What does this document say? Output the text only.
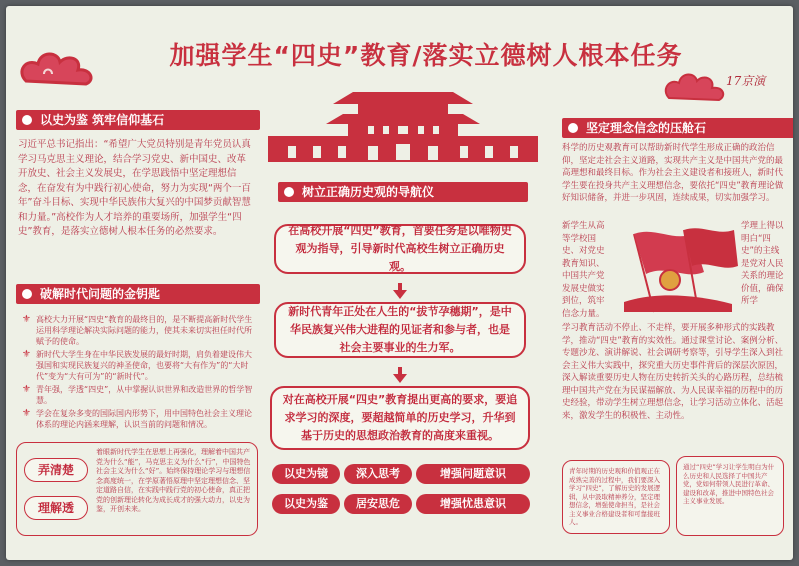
加强学生“四史”教育/落实立德树人根本任务
17京演
以史为鉴 筑牢信仰基石
习近平总书记指出：“希望广大党员特别是青年党员认真学习马克思主义理论，结合学习党史、新中国史、改革开放史、社会主义发展史，在学思践悟中坚定理想信念，在奋发有为中践行初心使命，努力为实现“两个一百年”奋斗目标、实现中华民族伟大复兴的中国梦贡献智慧和力量。”高校作为人才培养的重要场所，加强学生“四史”教育，是落实立德树人根本任务的必然要求。
破解时代问题的金钥匙
⚜ 高校大力开展“四史”教育的最终目的，是不断提高新时代学生运用科学理论解决实际问题的能力，使其未来切实担任时代所赋予的使命。
⚜ 新时代大学生身在中华民族发展的最好时期，肩负着建设伟大强国和实现民族复兴的神圣使命，也要将“大有作为”的“大时代”变为“大有可为”的“新时代”。
⚜ 青年强，学透“四史”，从中掌握认识世界和改造世界的哲学智慧。
⚜ 学会在复杂多变的国际国内形势下，用中国特色社会主义理论体系的理论内涵来理解，认识当前的问题和情况。
弄清楚
理解透
着眼新时代学生在思想上再强化，理解着中国共产党为什么“能”，马克思主义为什么“行”，中国特色社会主义为什么“好”。始终保持理论学习与理想信念高度统一，在学原著悟原理中坚定理想信念、坚定道路自信，在实践中践行党的初心使命，真正把党的创新理论转化为成长成才的强大动力，以史为鉴，开创未来。
树立正确历史观的导航仪
在高校开展“四史”教育，首要任务是以唯物史观为指导，引导新时代高校生树立正确历史观。
新时代青年正处在人生的“拔节孕穗期”，是中华民族复兴伟大进程的见证者和参与者，也是社会主要事业的生力军。
对在高校开展“四史”教育提出更高的要求，要追求学习的深度，要超越简单的历史学习，升华到基于历史的思想政治教育的高度来重视。
以史为镜	深入思考	增强问题意识
以史为鉴	居安思危	增强忧患意识
坚定理念信念的压舱石
科学的历史观教育可以帮助新时代学生形成正确的政治信仰，坚定走社会主义道路，实现共产主义是中国共产党的最高理想和最终目标。作为社会主义建设者和接班人，新时代学生要在投身共产主义理想信念，要依托“四史”教育理论做好知识储备，并进一步巩固，连续成果，切实加强学习。
新学生从高等学校国史、对党史教育知识、中国共产党发展史做实到位，筑牢信念力量。
学理上得以明白“四史”的主线是党对人民关系的理论价值，确保所学
学习教育活动不停止、不走样，要开展多种形式的实践教学，推动“四史”教育的实效性。通过课堂讨论、案例分析、专题沙龙、演讲解说、社会调研考察等，引导学生深入到社会主义伟大实践中，探究重大历史事件背后的深层次原因，深入解读重要历史人物在历史转折关头的心路历程，总结梳理中国共产党在为民谋福解放、为人民谋幸福的历程中的历史经验，带动学生树立理想信念，让学习活动立体化、活起来，激发学生的积极性、主动性。
青年时期的历史观和价值观正在成熟完善的过程中，我们要深入学习“四史”，了解历史的发展逻辑，从中汲取精神养分，坚定理想信念，增强使命担当，是社会主义事业合格建设者和可靠接班人。
通过“四史”学习让学生明白为什么历史和人民选择了中国共产党，党如何带领人民进行革命、建设和改革，推进中国特色社会主义事业发展。
